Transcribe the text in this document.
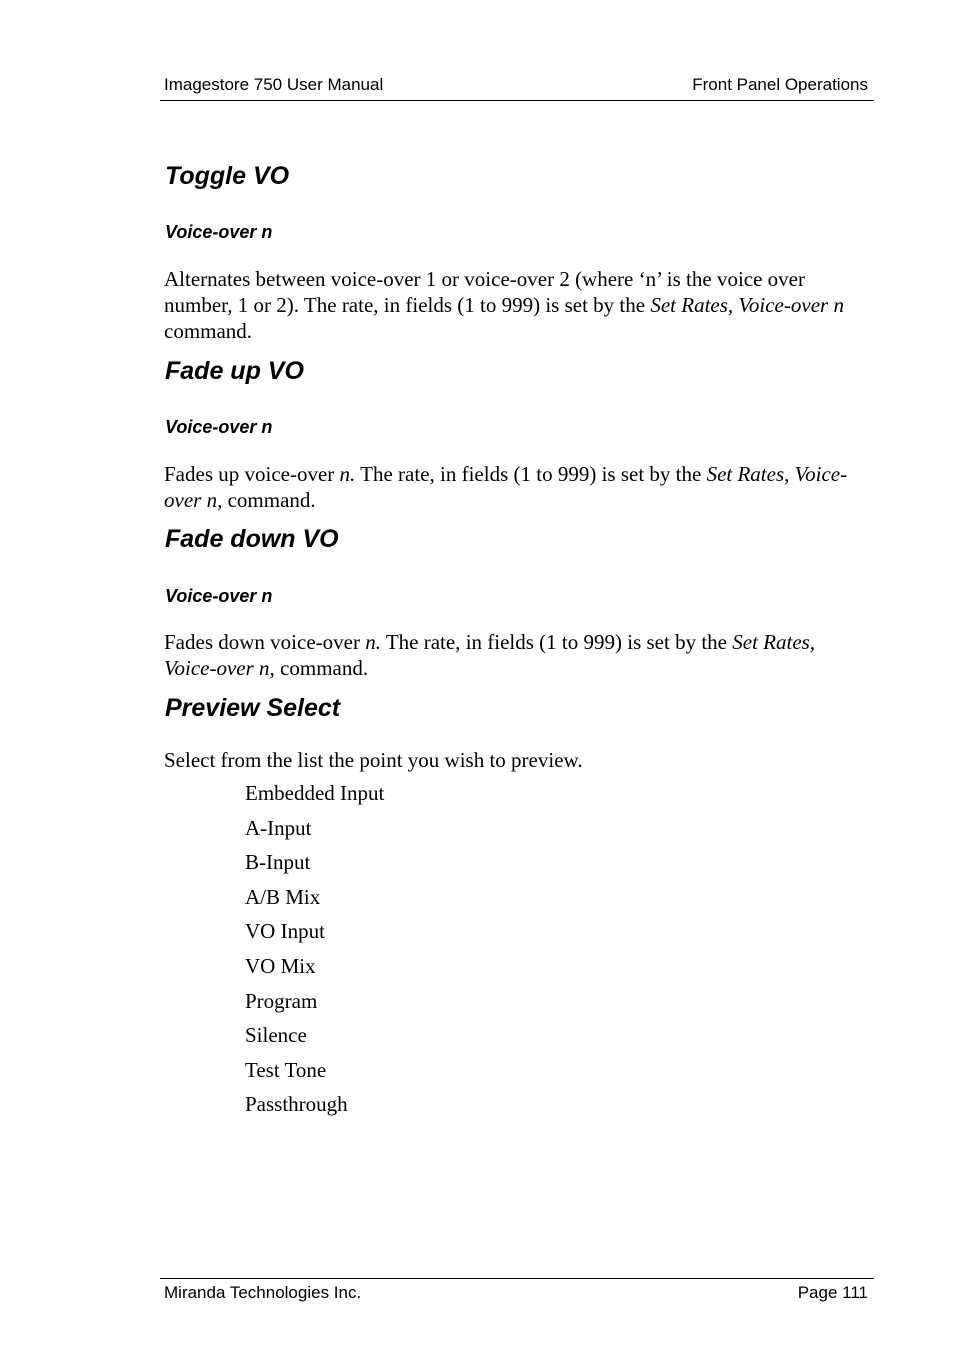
Imagestore 750 User Manual	Front Panel Operations
Toggle VO
Voice-over n

Alternates between voice-over 1 or voice-over 2 (where ‘n’ is the voice over number, 1 or 2). The rate, in fields (1 to 999) is set by the Set Rates, Voice-over n command.

Fade up VO
Voice-over n

Fades up voice-over n. The rate, in fields (1 to 999) is set by the Set Rates, Voice-over n, command.

Fade down VO
Voice-over n

Fades down voice-over n. The rate, in fields (1 to 999) is set by the Set Rates, Voice-over n, command.

Preview Select

Select from the list the point you wish to preview.

Embedded Input
A-Input
B-Input
A/B Mix
VO Input
VO Mix
Program
Silence
Test Tone
Passthrough
Miranda Technologies Inc.	Page 111
